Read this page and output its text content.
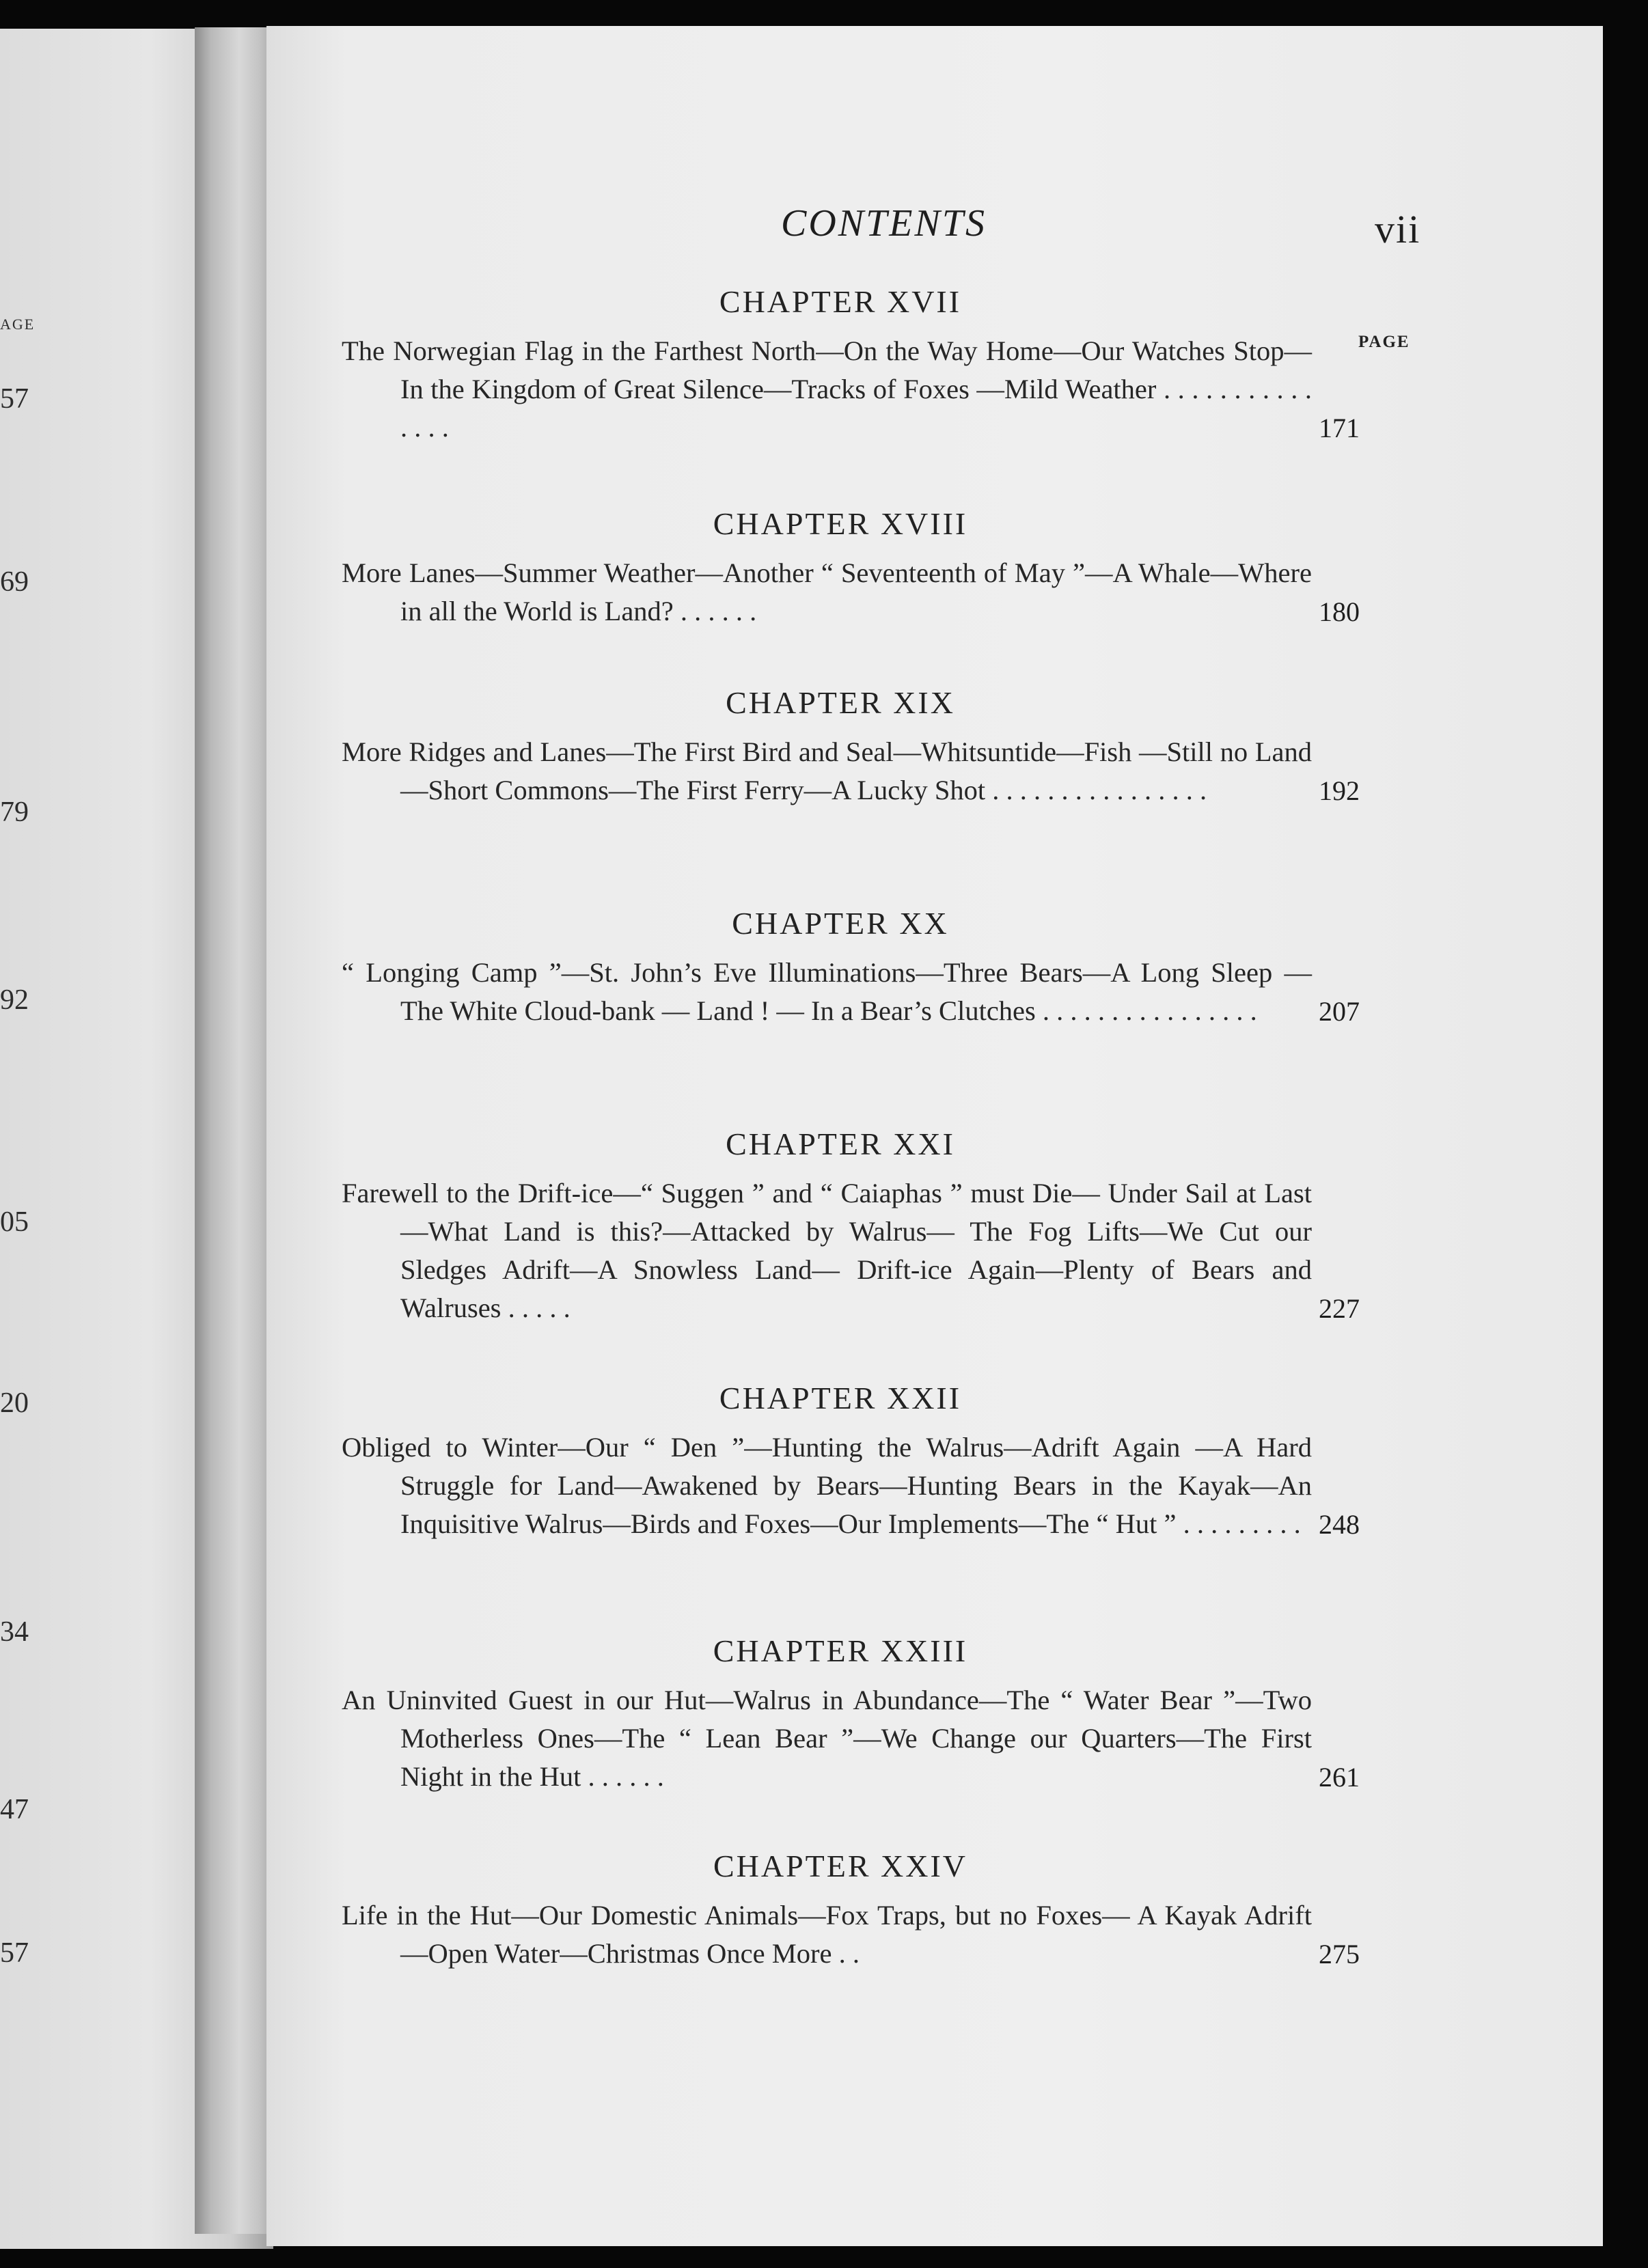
AGE
57
69
79
92
05
20
34
47
57
CONTENTS	vii
PAGE
CHAPTER XVII
The Norwegian Flag in the Farthest North—On the Way Home—Our Watches Stop—In the Kingdom of Great Silence—Tracks of Foxes —Mild Weather . . . . . . . . . . . . . . .	171
CHAPTER XVIII
More Lanes—Summer Weather—Another “ Seventeenth of May ”—A Whale—Where in all the World is Land? . . . . . .	180
CHAPTER XIX
More Ridges and Lanes—The First Bird and Seal—Whitsuntide—Fish —Still no Land—Short Commons—The First Ferry—A Lucky Shot . . . . . . . . . . . . . . . .	192
CHAPTER XX
“ Longing Camp ”—St. John’s Eve Illuminations—Three Bears—A Long Sleep — The White Cloud-bank — Land ! — In a Bear’s Clutches . . . . . . . . . . . . . . . .	207
CHAPTER XXI
Farewell to the Drift-ice—“ Suggen ” and “ Caiaphas ” must Die— Under Sail at Last—What Land is this?—Attacked by Walrus— The Fog Lifts—We Cut our Sledges Adrift—A Snowless Land— Drift-ice Again—Plenty of Bears and Walruses . . . . .	227
CHAPTER XXII
Obliged to Winter—Our “ Den ”—Hunting the Walrus—Adrift Again —A Hard Struggle for Land—Awakened by Bears—Hunting Bears in the Kayak—An Inquisitive Walrus—Birds and Foxes—Our Implements—The “ Hut ” . . . . . . . . . 248
CHAPTER XXIII
An Uninvited Guest in our Hut—Walrus in Abundance—The “ Water Bear ”—Two Motherless Ones—The “ Lean Bear ”—We Change our Quarters—The First Night in the Hut . . . . . .	261
CHAPTER XXIV
Life in the Hut—Our Domestic Animals—Fox Traps, but no Foxes— A Kayak Adrift—Open Water—Christmas Once More . .	275
